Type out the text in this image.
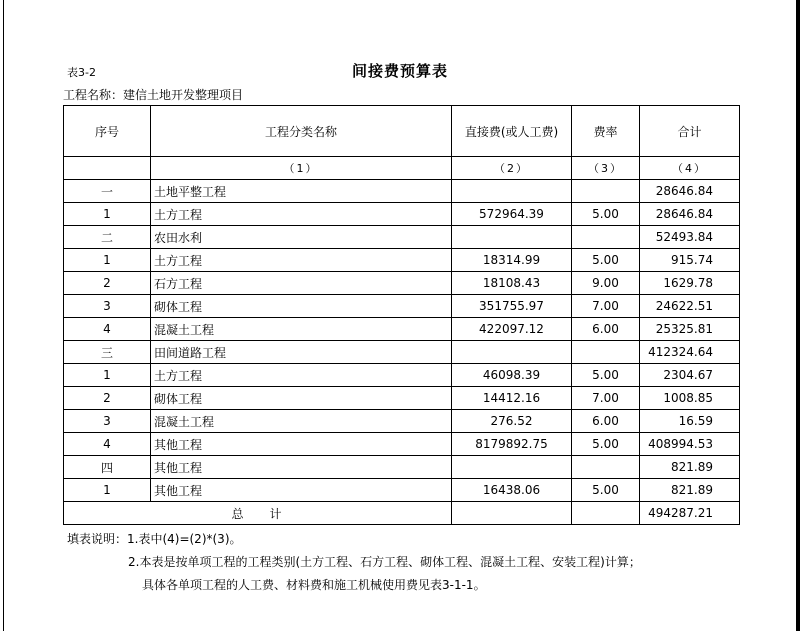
表3-2	间接费预算表
工程名称：建信土地开发整理项目
序号	工程分类名称	直接费(或人工费)	费率	合计
	（1）	（2）	（3）	（4）
一	土地平整工程			28646.84
1	土方工程	572964.39	5.00	28646.84
二	农田水利			52493.84
1	土方工程	18314.99	5.00	915.74
2	石方工程	18108.43	9.00	1629.78
3	砌体工程	351755.97	7.00	24622.51
4	混凝土工程	422097.12	6.00	25325.81
三	田间道路工程			412324.64
1	土方工程	46098.39	5.00	2304.67
2	砌体工程	14412.16	7.00	1008.85
3	混凝土工程	276.52	6.00	16.59
4	其他工程	8179892.75	5.00	408994.53
四	其他工程			821.89
1	其他工程	16438.06	5.00	821.89
总 计				494287.21
填表说明：1.表中(4)=(2)*(3)。
2.本表是按单项工程的工程类别(土方工程、石方工程、砌体工程、混凝土工程、安装工程)计算；
具体各单项工程的人工费、材料费和施工机械使用费见表3-1-1。
